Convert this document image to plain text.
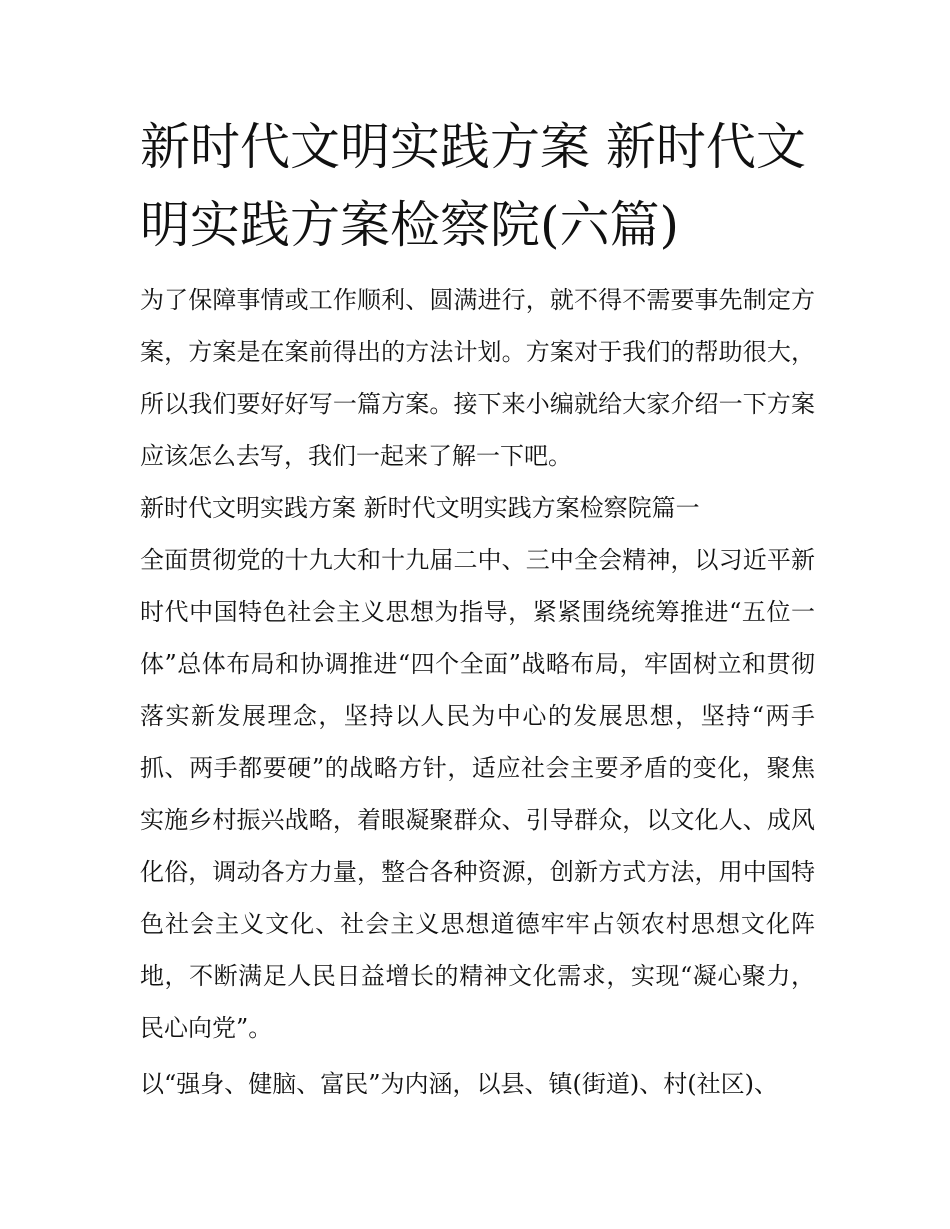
新时代文明实践方案 新时代文明实践方案检察院(六篇)

为了保障事情或工作顺利、圆满进行，就不得不需要事先制定方案，方案是在案前得出的方法计划。方案对于我们的帮助很大，所以我们要好好写一篇方案。接下来小编就给大家介绍一下方案应该怎么去写，我们一起来了解一下吧。

新时代文明实践方案 新时代文明实践方案检察院篇一

全面贯彻党的十九大和十九届二中、三中全会精神，以习近平新时代中国特色社会主义思想为指导，紧紧围绕统筹推进“五位一体”总体布局和协调推进“四个全面”战略布局，牢固树立和贯彻落实新发展理念，坚持以人民为中心的发展思想，坚持“两手抓、两手都要硬”的战略方针，适应社会主要矛盾的变化，聚焦实施乡村振兴战略，着眼凝聚群众、引导群众，以文化人、成风化俗，调动各方力量，整合各种资源，创新方式方法，用中国特色社会主义文化、社会主义思想道德牢牢占领农村思想文化阵地，不断满足人民日益增长的精神文化需求，实现“凝心聚力，民心向党”。

以“强身、健脑、富民”为内涵，以县、镇(街道)、村(社区)、
